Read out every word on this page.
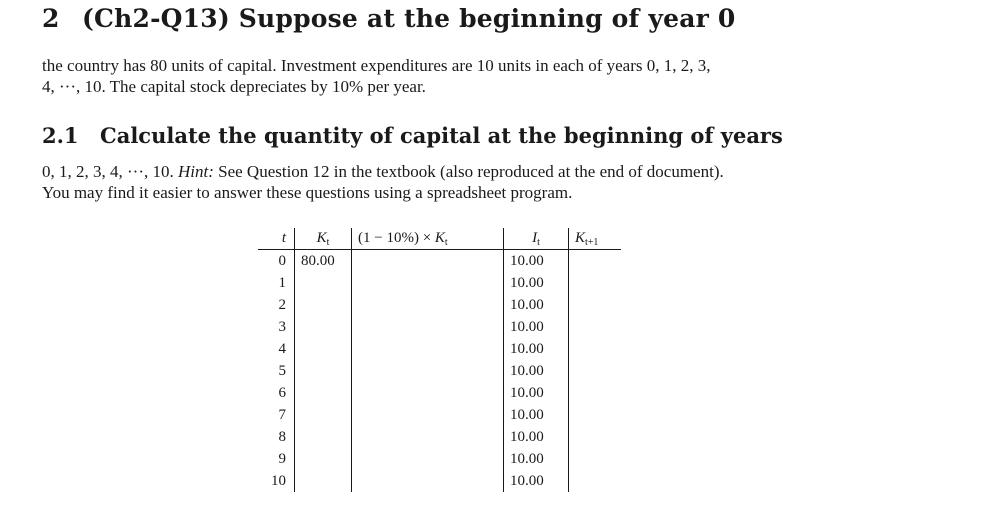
2 (Ch2-Q13) Suppose at the beginning of year 0
the country has 80 units of capital. Investment expenditures are 10 units in each of years 0, 1, 2, 3,
4, ···, 10. The capital stock depreciates by 10% per year.
2.1 Calculate the quantity of capital at the beginning of years
0, 1, 2, 3, 4, ···, 10. Hint: See Question 12 in the textbook (also reproduced at the end of document).
You may find it easier to answer these questions using a spreadsheet program.
t	$K_t$	$(1 - 10\%) \times K_t$	$I_t$	$K_{t+1}$
0	80.00		10.00	
1			10.00	
2			10.00	
3			10.00	
4			10.00	
5			10.00	
6			10.00	
7			10.00	
8			10.00	
9			10.00	
10			10.00	
